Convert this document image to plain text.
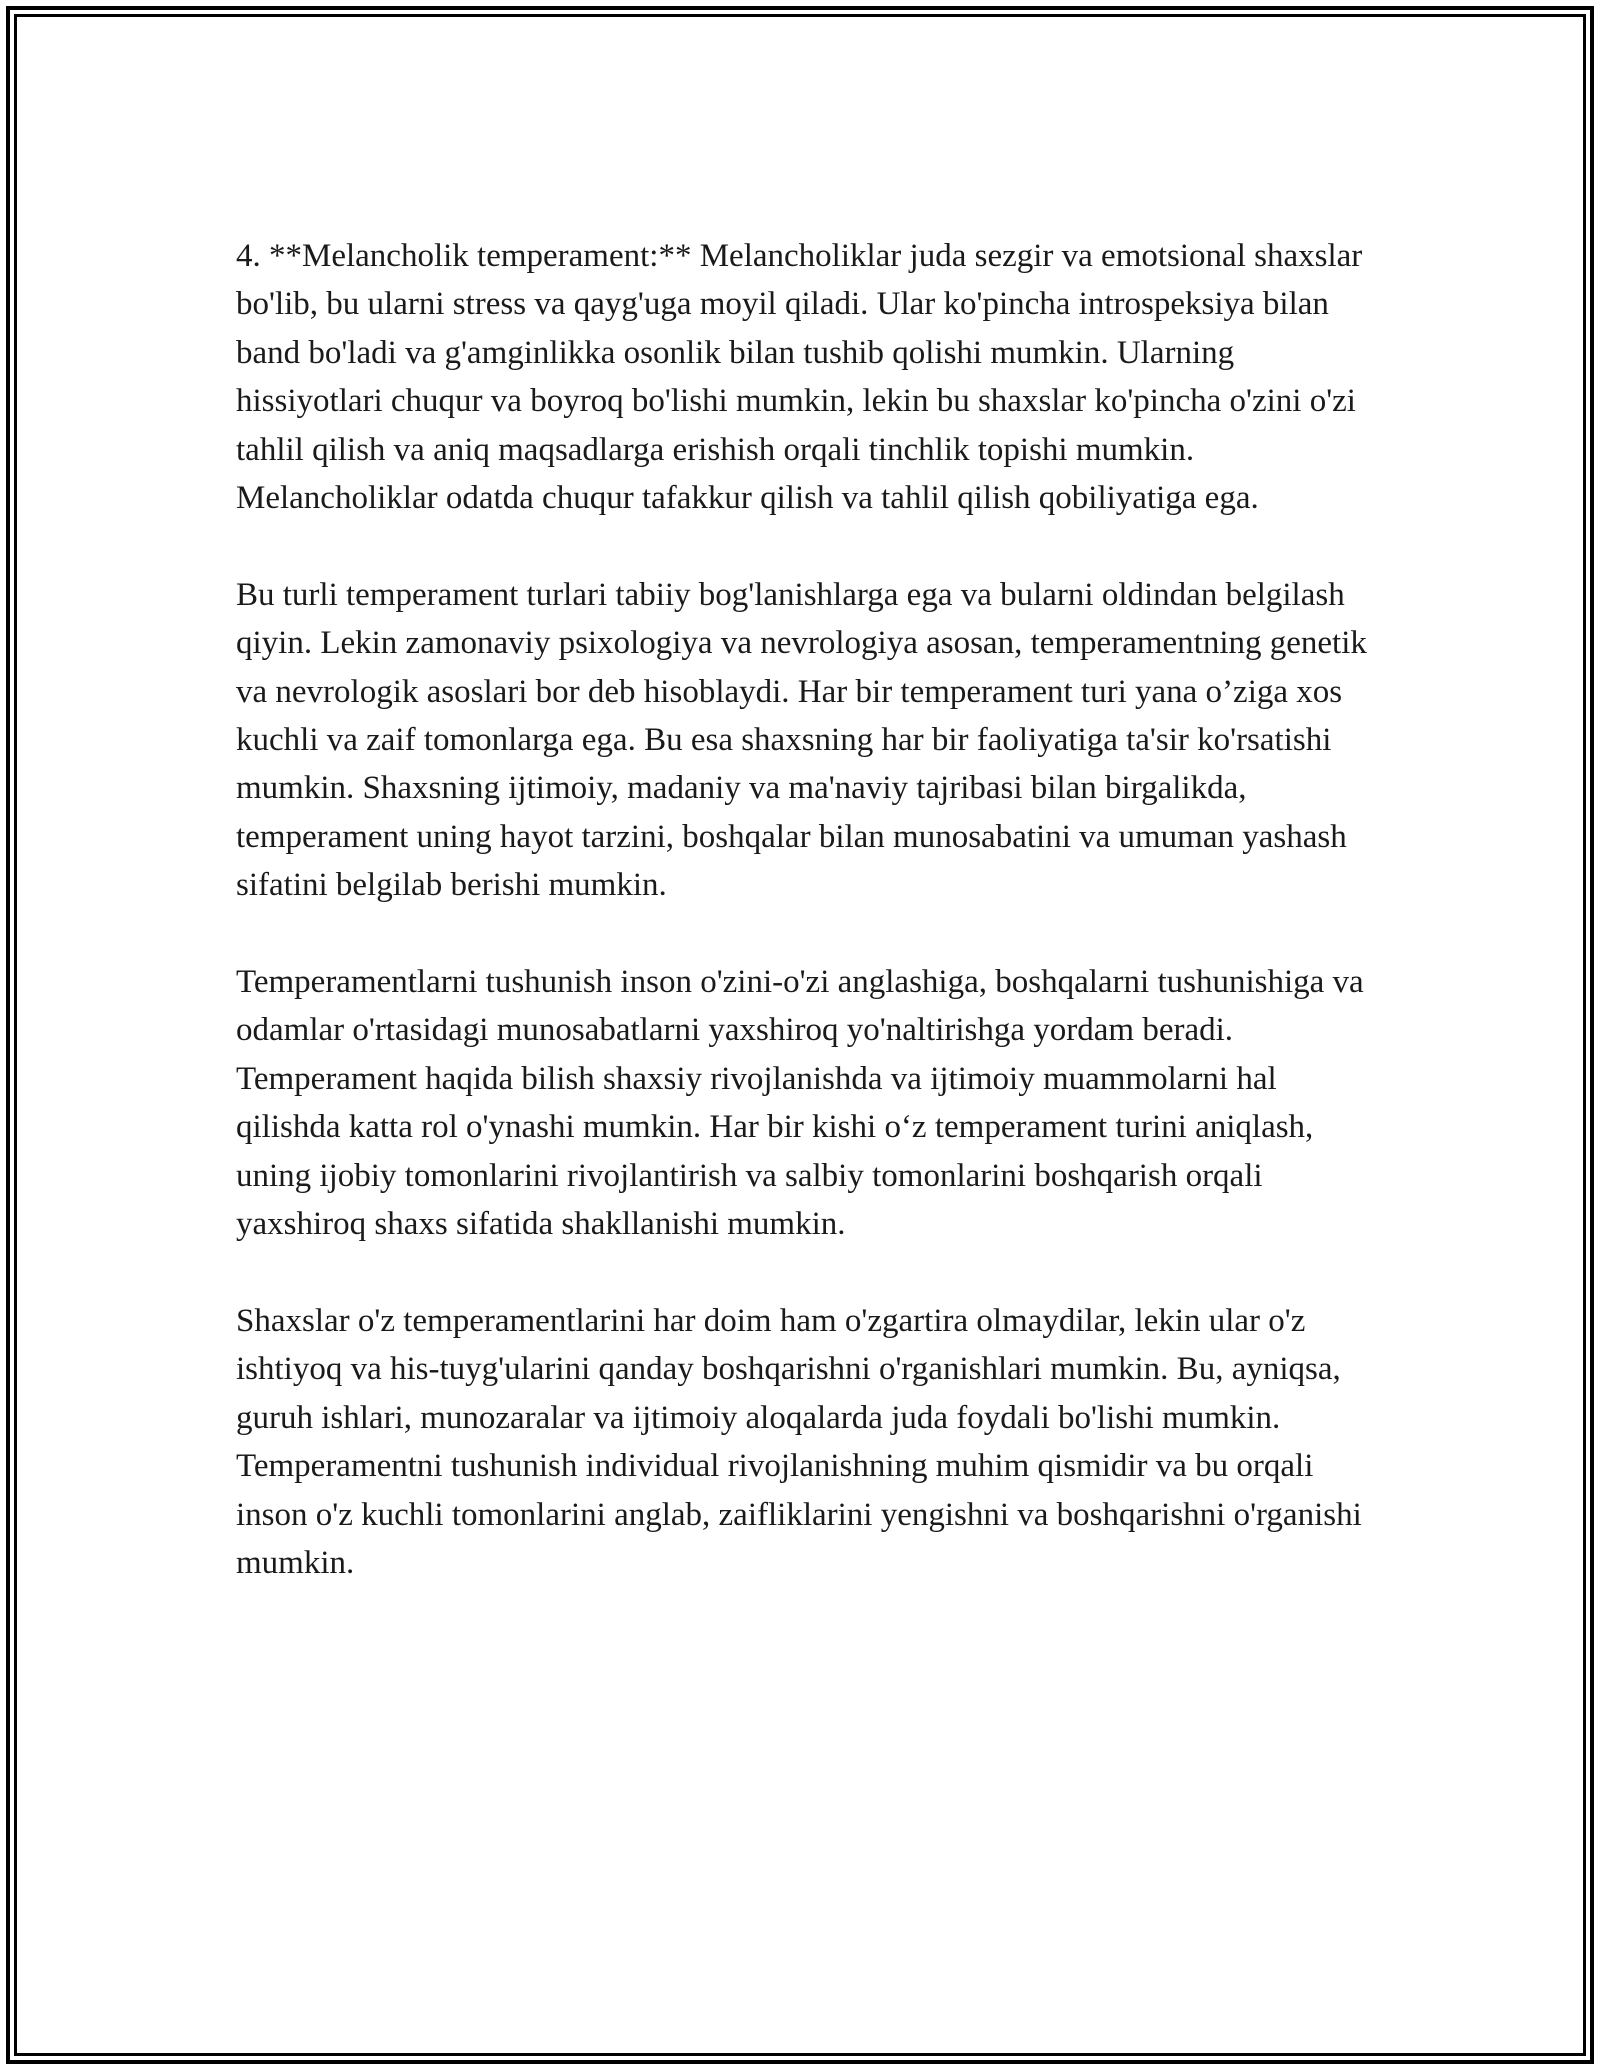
4. **Melancholik temperament:** Melancholiklar juda sezgir va emotsional shaxslar bo'lib, bu ularni stress va qayg'uga moyil qiladi. Ular ko'pincha introspeksiya bilan band bo'ladi va g'amginlikka osonlik bilan tushib qolishi mumkin. Ularning hissiyotlari chuqur va boyroq bo'lishi mumkin, lekin bu shaxslar ko'pincha o'zini o'zi tahlil qilish va aniq maqsadlarga erishish orqali tinchlik topishi mumkin. Melancholiklar odatda chuqur tafakkur qilish va tahlil qilish qobiliyatiga ega.

Bu turli temperament turlari tabiiy bog'lanishlarga ega va bularni oldindan belgilash qiyin. Lekin zamonaviy psixologiya va nevrologiya asosan, temperamentning genetik va nevrologik asoslari bor deb hisoblaydi. Har bir temperament turi yana o’ziga xos kuchli va zaif tomonlarga ega. Bu esa shaxsning har bir faoliyatiga ta'sir ko'rsatishi mumkin. Shaxsning ijtimoiy, madaniy va ma'naviy tajribasi bilan birgalikda, temperament uning hayot tarzini, boshqalar bilan munosabatini va umuman yashash sifatini belgilab berishi mumkin.

Temperamentlarni tushunish inson o'zini-o'zi anglashiga, boshqalarni tushunishiga va odamlar o'rtasidagi munosabatlarni yaxshiroq yo'naltirishga yordam beradi. Temperament haqida bilish shaxsiy rivojlanishda va ijtimoiy muammolarni hal qilishda katta rol o'ynashi mumkin. Har bir kishi o‘z temperament turini aniqlash, uning ijobiy tomonlarini rivojlantirish va salbiy tomonlarini boshqarish orqali yaxshiroq shaxs sifatida shakllanishi mumkin.

Shaxslar o'z temperamentlarini har doim ham o'zgartira olmaydilar, lekin ular o'z ishtiyoq va his-tuyg'ularini qanday boshqarishni o'rganishlari mumkin. Bu, ayniqsa, guruh ishlari, munozaralar va ijtimoiy aloqalarda juda foydali bo'lishi mumkin. Temperamentni tushunish individual rivojlanishning muhim qismidir va bu orqali inson o'z kuchli tomonlarini anglab, zaifliklarini yengishni va boshqarishni o'rganishi mumkin.
